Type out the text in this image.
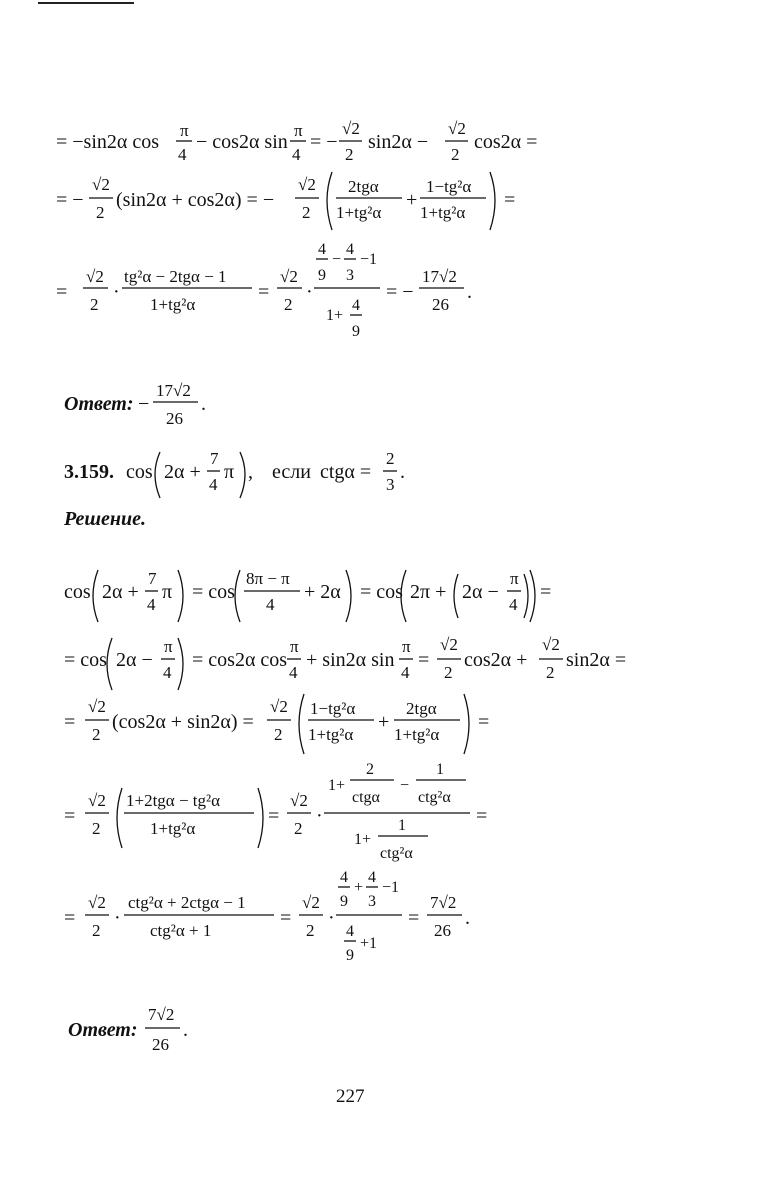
= −sin2α cos
π
4
− cos2α sin
π
4
= −
√2
2
sin2α −
√2
2
cos2α =
= −
√2
2
(sin2α + cos2α) = −
√2
2
2tgα
1+tg²α
+
1−tg²α
1+tg²α
=
=
√2
2
·
tg²α − 2tgα − 1
1+tg²α
=
√2
2
·
4 4
− −1
9 3
1+
4
9
= −
17√2
26
.
Ответ: −
17√2
26
.
3.159. cos 2α +
7
4
π , если ctgα =
2
3
.
Решение.
cos 2α +
7
4
π = cos
8π − π
4
+ 2α = cos 2π + 2α −
π
4
=
= cos 2α −
π
4
= cos2α cos
π
4
+ sin2α sin
π
4
=
√2
2
cos2α +
√2
2
sin2α =
=
√2
2
(cos2α + sin2α) =
√2
2
1−tg²α
1+tg²α
+
2tgα
1+tg²α
=
=
√2
2
1+2tgα − tg²α
1+tg²α
=
√2
2
·
1+
2
ctgα
−
1
ctg²α
1+
1
ctg²α
=
=
√2
2
·
ctg²α + 2ctgα − 1
ctg²α + 1
=
√2
2
·
4 4
+ −1
9 3
4
9
+1
=
7√2
26
.
Ответ:
7√2
26
.
227
